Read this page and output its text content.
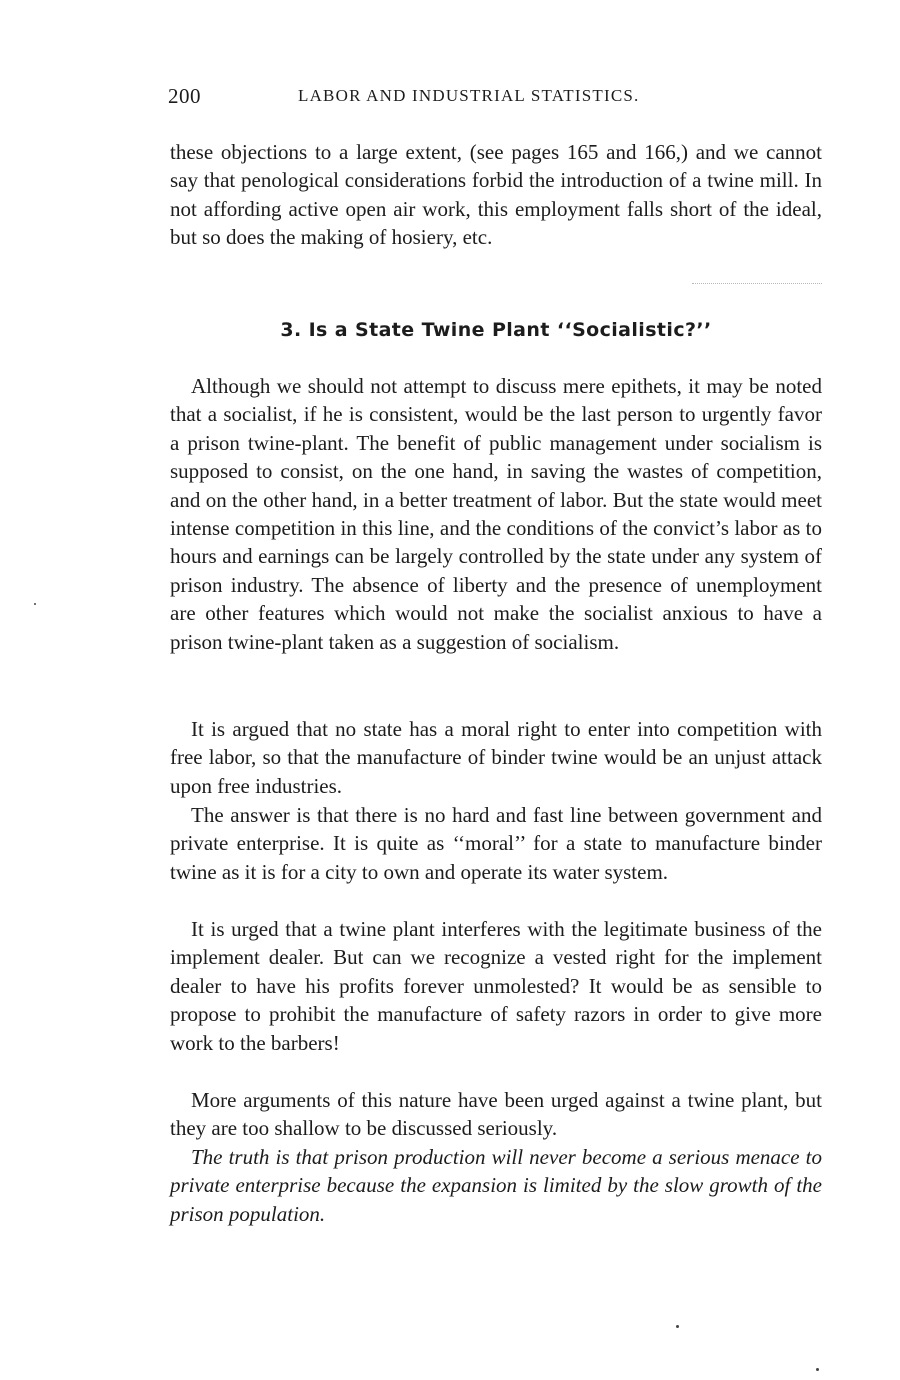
200	LABOR AND INDUSTRIAL STATISTICS.

these objections to a large extent, (see pages 165 and 166,) and we cannot say that penological considerations forbid the introduction of a twine mill. In not affording active open air work, this employment falls short of the ideal, but so does the making of hosiery, etc.

3. Is a State Twine Plant ‘‘Socialistic?’’

Although we should not attempt to discuss mere epithets, it may be noted that a socialist, if he is consistent, would be the last person to urgently favor a prison twine-plant. The benefit of public management under socialism is supposed to consist, on the one hand, in saving the wastes of competition, and on the other hand, in a better treatment of labor. But the state would meet intense competition in this line, and the conditions of the convict’s labor as to hours and earnings can be largely controlled by the state under any system of prison industry. The absence of liberty and the presence of unemployment are other features which would not make the socialist anxious to have a prison twine-plant taken as a suggestion of socialism.

It is argued that no state has a moral right to enter into competition with free labor, so that the manufacture of binder twine would be an unjust attack upon free industries.

The answer is that there is no hard and fast line between government and private enterprise. It is quite as ‘‘moral’’ for a state to manufacture binder twine as it is for a city to own and operate its water system.

It is urged that a twine plant interferes with the legitimate business of the implement dealer. But can we recognize a vested right for the implement dealer to have his profits forever unmolested? It would be as sensible to propose to prohibit the manufacture of safety razors in order to give more work to the barbers!

More arguments of this nature have been urged against a twine plant, but they are too shallow to be discussed seriously.

The truth is that prison production will never become a serious menace to private enterprise because the expansion is limited by the slow growth of the prison population.
